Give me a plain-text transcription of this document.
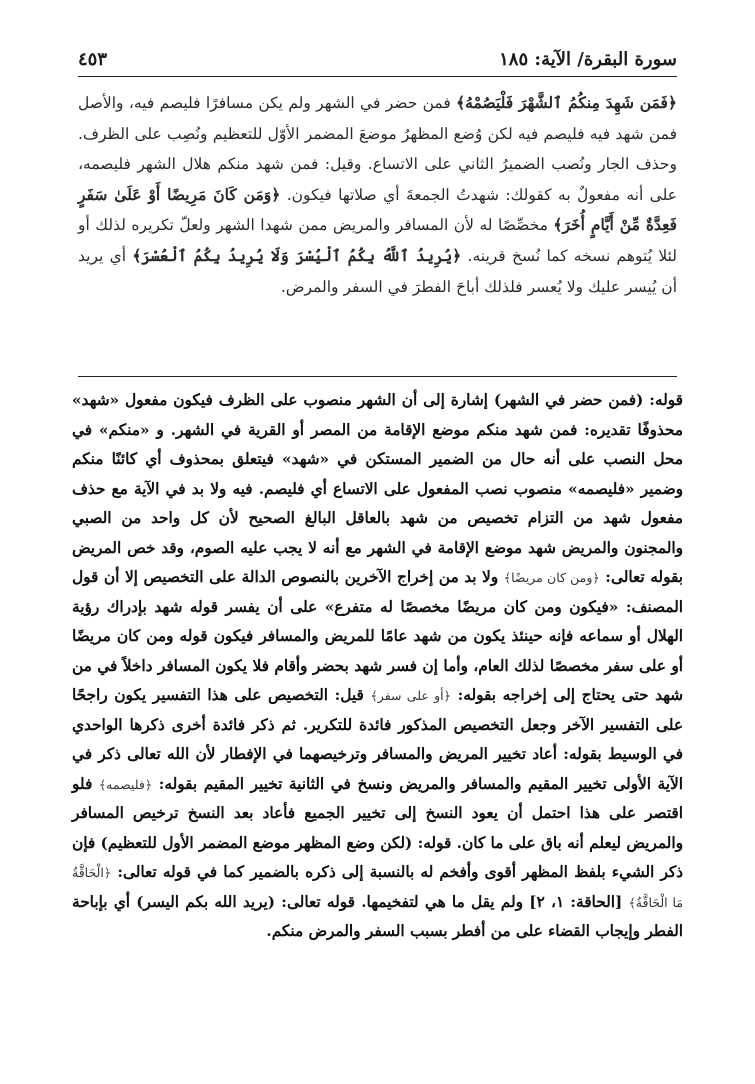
سورة البقرة/ الآية: ١٨٥
٤٥٣

﴿فَمَن شَهِدَ مِنكُمُ ٱلشَّهْرَ فَلْيَصُمْهُ﴾ فمن حضر في الشهر ولم يكن مسافرًا فليصم فيه، والأصل فمن شهد فيه فليصم فيه لكن وُضع المظهرُ موضعَ المضمر الأوّل للتعظيم ونُصِب على الظرف. وحذف الجار ونُصب الضميرُ الثاني على الاتساع. وقيل: فمن شهد منكم هلال الشهر فليصمه، على أنه مفعولٌ به كقولك: شهدتُ الجمعةَ أي صلاتها فيكون. ﴿وَمَن كَانَ مَرِيضًا أَوْ عَلَىٰ سَفَرٍ فَعِدَّةٌ مِّنْ أَيَّامٍ أُخَرَ﴾ مخصِّصًا له لأن المسافر والمريض ممن شهدا الشهر ولعلّ تكريره لذلك أو لئلا يُتوهم نسخه كما نُسخ قرينه. ﴿يُرِيدُ ٱللَّهُ بِكُمُ ٱلْيُسْرَ وَلَا يُرِيدُ بِكُمُ ٱلْعُسْرَ﴾ أي يريد أن يُيسر عليك ولا يُعسر فلذلك أباحَ الفطرَ في السفر والمرض.

قوله: (فمن حضر في الشهر) إشارة إلى أن الشهر منصوب على الظرف فيكون مفعول «شهد» محذوفًا تقديره: فمن شهد منكم موضع الإقامة من المصر أو القرية في الشهر. و «منكم» في محل النصب على أنه حال من الضمير المستكن في «شهد» فيتعلق بمحذوف أي كائنًا منكم وضمير «فليصمه» منصوب نصب المفعول على الاتساع أي فليصم. فيه ولا بد في الآية مع حذف مفعول شهد من التزام تخصيص من شهد بالعاقل البالغ الصحيح لأن كل واحد من الصبي والمجنون والمريض شهد موضع الإقامة في الشهر مع أنه لا يجب عليه الصوم، وقد خص المريض بقوله تعالى: ﴿ومن كان مريضًا﴾ ولا بد من إخراج الآخرين بالنصوص الدالة على التخصيص إلا أن قول المصنف: «فيكون ومن كان مريضًا مخصصًا له متفرع» على أن يفسر قوله شهد بإدراك رؤية الهلال أو سماعه فإنه حينئذ يكون من شهد عامًا للمريض والمسافر فيكون قوله ومن كان مريضًا أو على سفر مخصصًا لذلك العام، وأما إن فسر شهد بحضر وأقام فلا يكون المسافر داخلاً في من شهد حتى يحتاج إلى إخراجه بقوله: ﴿أو على سفر﴾ قيل: التخصيص على هذا التفسير يكون راجحًا على التفسير الآخر وجعل التخصيص المذكور فائدة للتكرير. ثم ذكر فائدة أخرى ذكرها الواحدي في الوسيط بقوله: أعاد تخيير المريض والمسافر وترخيصهما في الإفطار لأن الله تعالى ذكر في الآية الأولى تخيير المقيم والمسافر والمريض ونسخ في الثانية تخيير المقيم بقوله: ﴿فليصمه﴾ فلو اقتصر على هذا احتمل أن يعود النسخ إلى تخيير الجميع فأعاد بعد النسخ ترخيص المسافر والمريض ليعلم أنه باق على ما كان. قوله: (لكن وضع المظهر موضع المضمر الأول للتعظيم) فإن ذكر الشيء بلفظ المظهر أقوى وأفخم له بالنسبة إلى ذكره بالضمير كما في قوله تعالى: ﴿الْحَاقَّةُ مَا الْحَاقَّةُ﴾ [الحاقة: ١، ٢] ولم يقل ما هي لتفخيمها. قوله تعالى: (يريد الله بكم اليسر) أي بإباحة الفطر وإيجاب القضاء على من أفطر بسبب السفر والمرض منكم.
